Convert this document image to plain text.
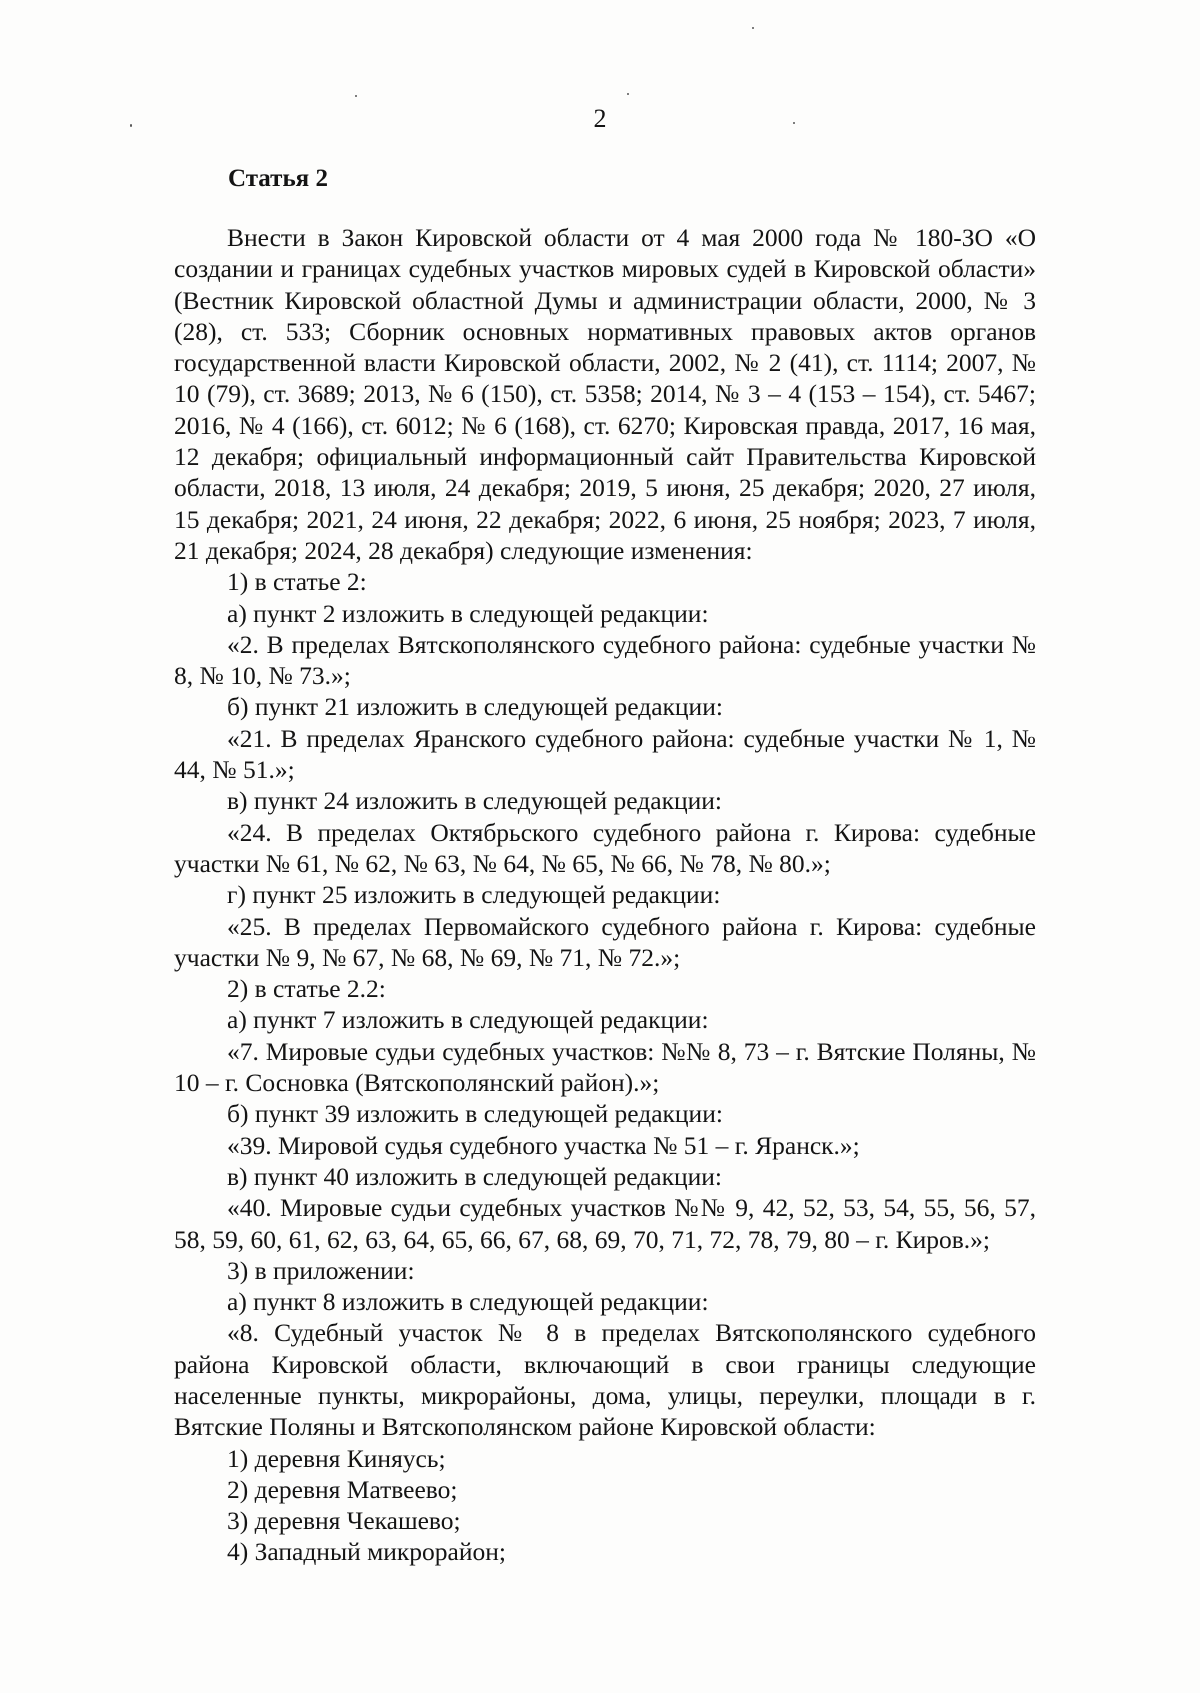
2
Статья 2

Внести в Закон Кировской области от 4 мая 2000 года № 180-ЗО «О создании и границах судебных участков мировых судей в Кировской области» (Вестник Кировской областной Думы и администрации области, 2000, № 3 (28), ст. 533; Сборник основных нормативных правовых актов органов государственной власти Кировской области, 2002, № 2 (41), ст. 1114; 2007, № 10 (79), ст. 3689; 2013, № 6 (150), ст. 5358; 2014, № 3 – 4 (153 – 154), ст. 5467; 2016, № 4 (166), ст. 6012; № 6 (168), ст. 6270; Кировская правда, 2017, 16 мая, 12 декабря; официальный информационный сайт Правительства Кировской области, 2018, 13 июля, 24 декабря; 2019, 5 июня, 25 декабря; 2020, 27 июля, 15 декабря; 2021, 24 июня, 22 декабря; 2022, 6 июня, 25 ноября; 2023, 7 июля, 21 декабря; 2024, 28 декабря) следующие изменения:

1) в статье 2:

а) пункт 2 изложить в следующей редакции:

«2. В пределах Вятскополянского судебного района: судебные участки № 8, № 10, № 73.»;

б) пункт 21 изложить в следующей редакции:

«21. В пределах Яранского судебного района: судебные участки № 1, № 44, № 51.»;

в) пункт 24 изложить в следующей редакции:

«24. В пределах Октябрьского судебного района г. Кирова: судебные участки № 61, № 62, № 63, № 64, № 65, № 66, № 78, № 80.»;

г) пункт 25 изложить в следующей редакции:

«25. В пределах Первомайского судебного района г. Кирова: судебные участки № 9, № 67, № 68, № 69, № 71, № 72.»;

2) в статье 2.2:

а) пункт 7 изложить в следующей редакции:

«7. Мировые судьи судебных участков: №№ 8, 73 – г. Вятские Поляны, № 10 – г. Сосновка (Вятскополянский район).»;

б) пункт 39 изложить в следующей редакции:

«39. Мировой судья судебного участка № 51 – г. Яранск.»;

в) пункт 40 изложить в следующей редакции:

«40. Мировые судьи судебных участков №№ 9, 42, 52, 53, 54, 55, 56, 57, 58, 59, 60, 61, 62, 63, 64, 65, 66, 67, 68, 69, 70, 71, 72, 78, 79, 80 – г. Киров.»;

3) в приложении:

а) пункт 8 изложить в следующей редакции:

«8. Судебный участок № 8 в пределах Вятскополянского судебного района Кировской области, включающий в свои границы следующие населенные пункты, микрорайоны, дома, улицы, переулки, площади в г. Вятские Поляны и Вятскополянском районе Кировской области:

1) деревня Киняусь;

2) деревня Матвеево;

3) деревня Чекашево;

4) Западный микрорайон;
